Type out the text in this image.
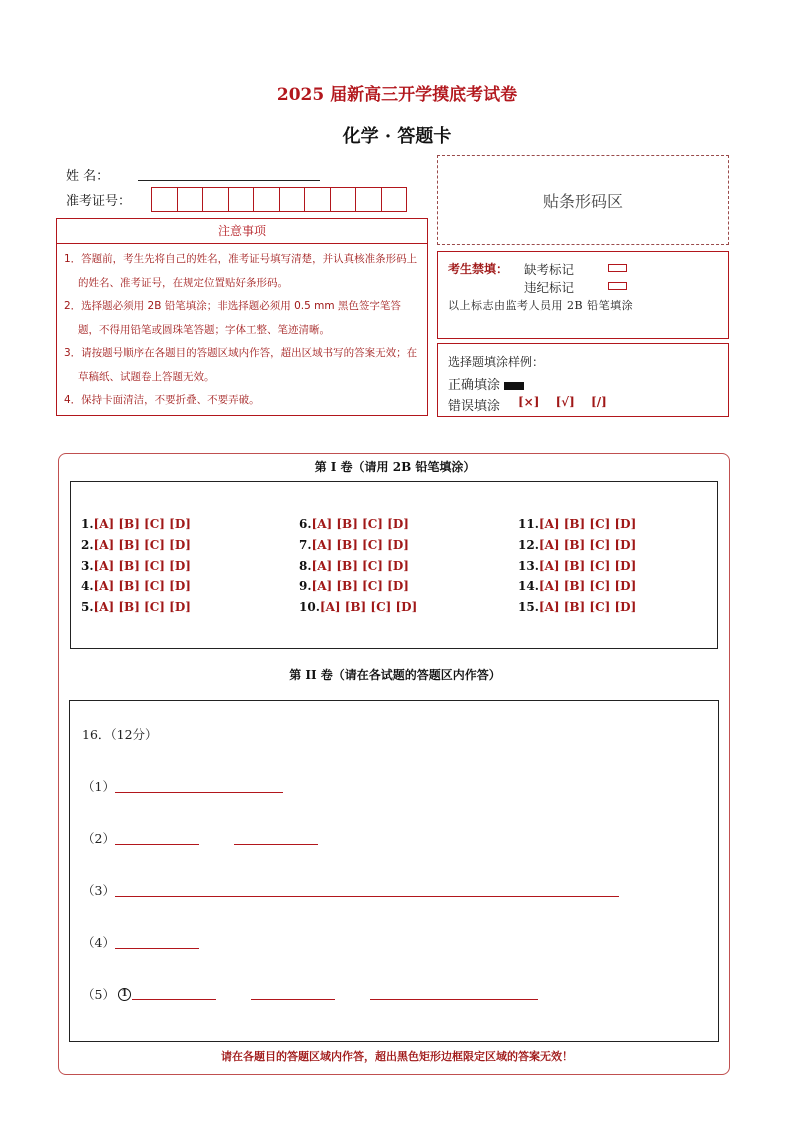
2025 届新高三开学摸底考试卷
化学 · 答题卡
姓 名：
准考证号：	贴条形码区
注意事项
1．答题前，考生先将自己的姓名，准考证号填写清楚，并认真核准条形码上的姓名、准考证号，在规定位置贴好条形码。
2．选择题必须用 2B 铅笔填涂；非选择题必须用 0.5 mm 黑色签字笔答题，不得用铅笔或圆珠笔答题；字体工整、笔迹清晰。
3．请按题号顺序在各题目的答题区域内作答，超出区域书写的答案无效；在草稿纸、试题卷上答题无效。
4．保持卡面清洁，不要折叠、不要弄破。
考生禁填： 缺考标记
违纪标记
以上标志由监考人员用 2B 铅笔填涂
选择题填涂样例：
正确填涂
错误填涂 [×] [√] [/]
第 I 卷（请用 2B 铅笔填涂）
第 II 卷（请在各试题的答题区内作答）
1.[A] [B] [C] [D]
2.[A] [B] [C] [D]
3.[A] [B] [C] [D]
4.[A] [B] [C] [D]
5.[A] [B] [C] [D]
6.[A] [B] [C] [D]
7.[A] [B] [C] [D]
8.[A] [B] [C] [D]
9.[A] [B] [C] [D]
10.[A] [B] [C] [D]
11.[A] [B] [C] [D]
12.[A] [B] [C] [D]
13.[A] [B] [C] [D]
14.[A] [B] [C] [D]
15.[A] [B] [C] [D]
16．（12分）
（1）
（2）
（3）
（4）
（5） 1
请在各题目的答题区域内作答，超出黑色矩形边框限定区域的答案无效！
